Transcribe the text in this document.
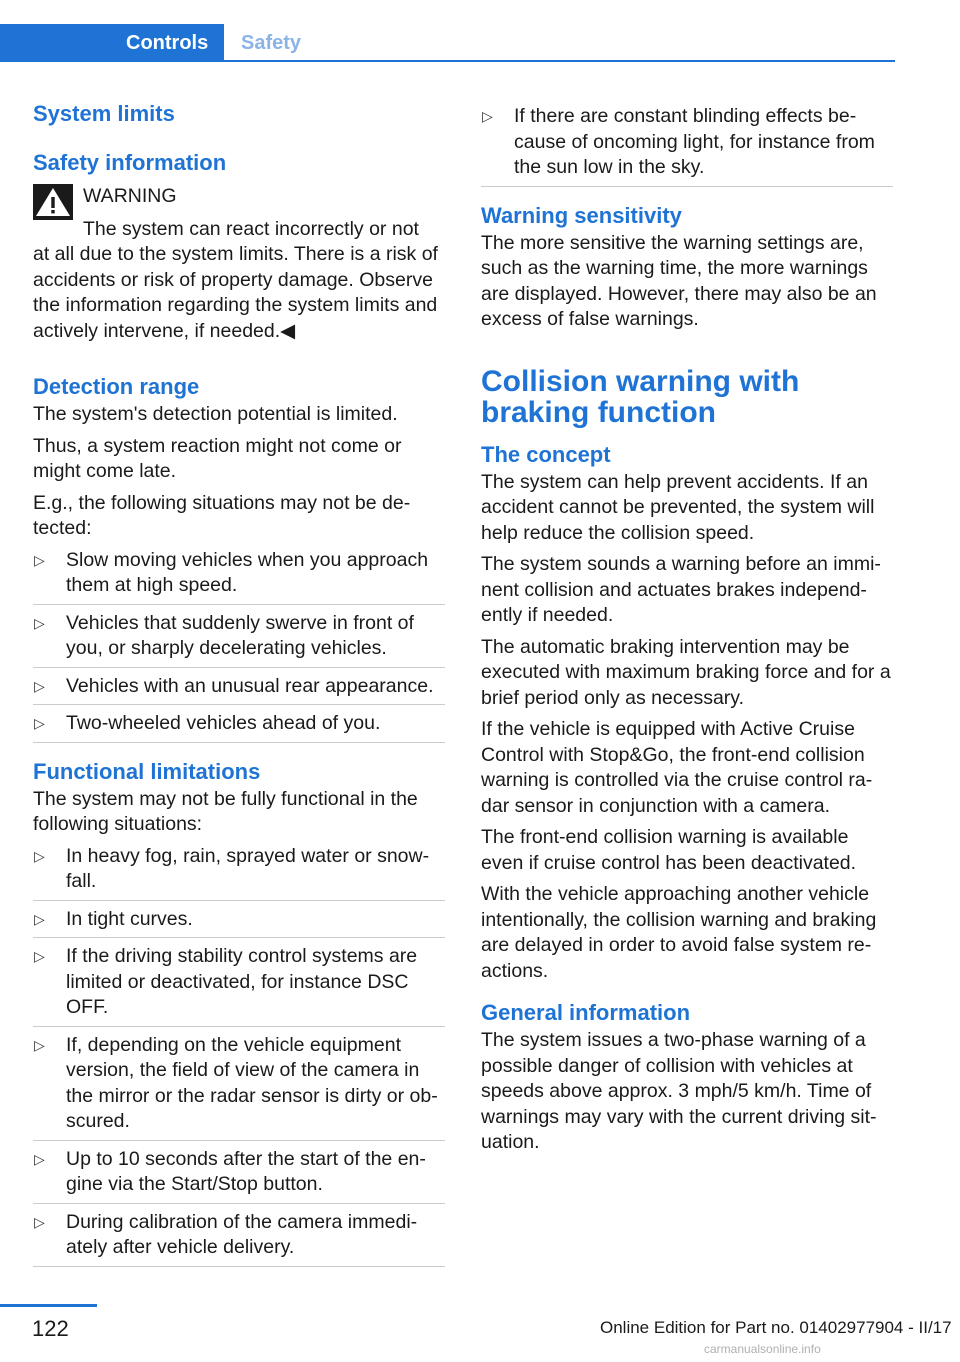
Controls	Safety
System limits
Safety information
WARNING
The system can react incorrectly or not
at all due to the system limits. There is a risk of accidents or risk of property damage. Observe the information regarding the system limits and actively intervene, if needed.◀
Detection range

The system's detection potential is limited.

Thus, a system reaction might not come or might come late.

E.g., the following situations may not be de‐ tected:

▷ Slow moving vehicles when you approach them at high speed.
▷ Vehicles that suddenly swerve in front of you, or sharply decelerating vehicles.
▷ Vehicles with an unusual rear appearance.
▷ Two-wheeled vehicles ahead of you.
Functional limitations

The system may not be fully functional in the following situations:

▷ In heavy fog, rain, sprayed water or snow‐ fall.
▷ In tight curves.
▷ If the driving stability control systems are limited or deactivated, for instance DSC OFF.
▷ If, depending on the vehicle equipment version, the field of view of the camera in the mirror or the radar sensor is dirty or ob‐ scured.
▷ Up to 10 seconds after the start of the en‐ gine via the Start/Stop button.
▷ During calibration of the camera immedi‐ ately after vehicle delivery.
▷ If there are constant blinding effects be‐ cause of oncoming light, for instance from the sun low in the sky.
Warning sensitivity

The more sensitive the warning settings are, such as the warning time, the more warnings are displayed. However, there may also be an excess of false warnings.

Collision warning with braking function
The concept

The system can help prevent accidents. If an accident cannot be prevented, the system will help reduce the collision speed.

The system sounds a warning before an immi‐ nent collision and actuates brakes independ‐ ently if needed.

The automatic braking intervention may be executed with maximum braking force and for a brief period only as necessary.

If the vehicle is equipped with Active Cruise Control with Stop&Go, the front-end collision warning is controlled via the cruise control ra‐ dar sensor in conjunction with a camera.

The front-end collision warning is available even if cruise control has been deactivated.

With the vehicle approaching another vehicle intentionally, the collision warning and braking are delayed in order to avoid false system re‐ actions.

General information

The system issues a two-phase warning of a possible danger of collision with vehicles at speeds above approx. 3 mph/5 km/h. Time of warnings may vary with the current driving sit‐ uation.

122	Online Edition for Part no. 01402977904 - II/17
carmanualsonline.info
